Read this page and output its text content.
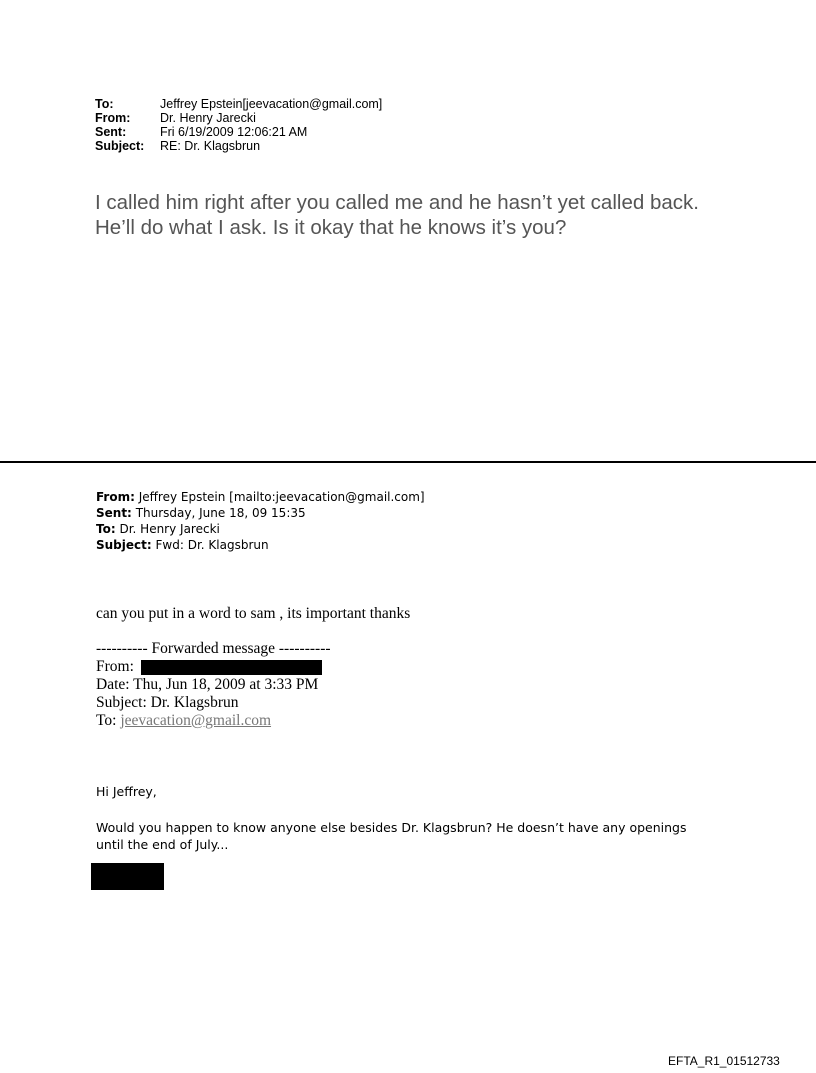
To:	Jeffrey Epstein[jeevacation@gmail.com]
From:	Dr. Henry Jarecki
Sent:	Fri 6/19/2009 12:06:21 AM
Subject:	RE: Dr. Klagsbrun
I called him right after you called me and he hasn’t yet called back. He’ll do what I ask. Is it okay that he knows it’s you?
From: Jeffrey Epstein [mailto:jeevacation@gmail.com]
Sent: Thursday, June 18, 09 15:35
To: Dr. Henry Jarecki
Subject: Fwd: Dr. Klagsbrun
can you put in a word to sam , its important thanks
---------- Forwarded message ----------
From:
Date: Thu, Jun 18, 2009 at 3:33 PM
Subject: Dr. Klagsbrun
To: jeevacation@gmail.com
Hi Jeffrey,
Would you happen to know anyone else besides Dr. Klagsbrun? He doesn’t have any openings until the end of July...
EFTA_R1_01512733
